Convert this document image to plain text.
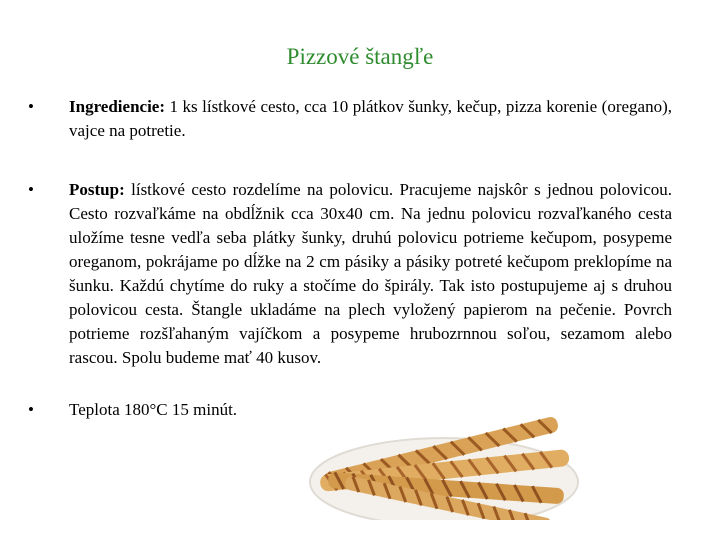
Pizzové štangľe
•	Ingrediencie: 1 ks lístkové cesto, cca 10 plátkov šunky, kečup, pizza korenie (oregano), vajce na potretie.
•	Postup: lístkové cesto rozdelíme na polovicu. Pracujeme najskôr s jednou polovicou. Cesto rozvaľkáme na obdĺžnik cca 30x40 cm. Na jednu polovicu rozvaľkaného cesta uložíme tesne vedľa seba plátky šunky, druhú polovicu potrieme kečupom, posypeme oreganom, pokrájame po dĺžke na 2 cm pásiky a pásiky potreté kečupom preklopíme na šunku. Každú chytíme do ruky a stočíme do špirály. Tak isto postupujeme aj s druhou polovicou cesta. Štangle ukladáme na plech vyložený papierom na pečenie. Povrch potrieme rozšľahaným vajíčkom a posypeme hrubozrnnou soľou, sezamom alebo rascou. Spolu budeme mať 40 kusov.
•	Teplota 180°C 15 minút.
